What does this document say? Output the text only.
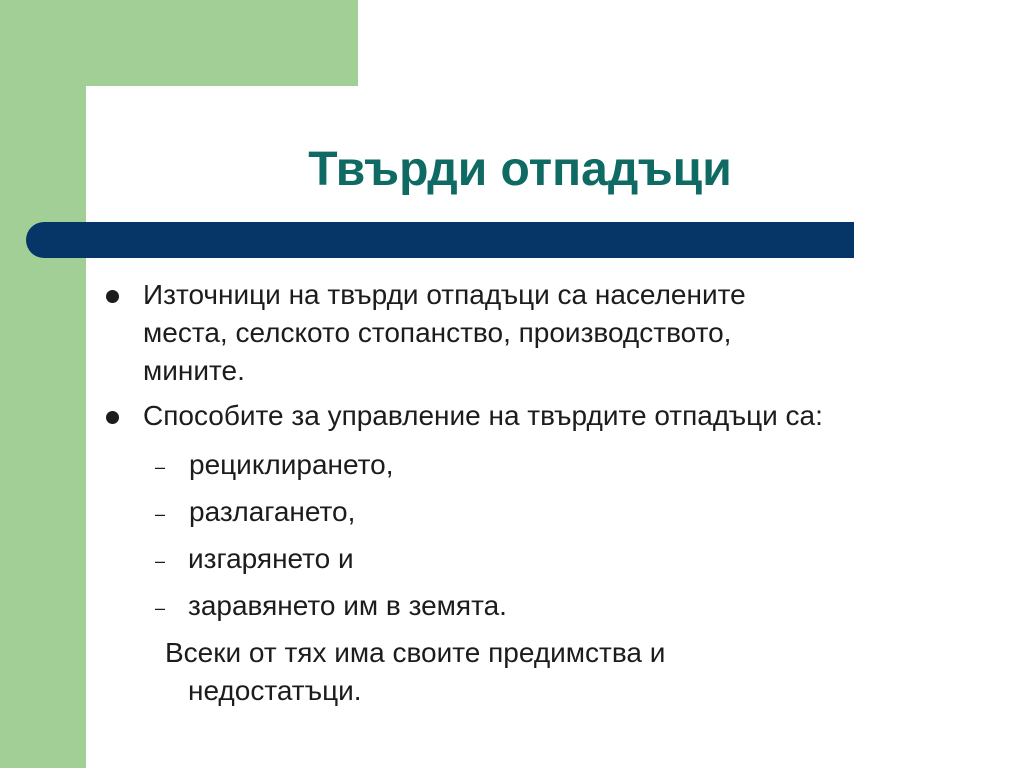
Твърди отпадъци
Източници на твърди отпадъци са населените
места, селското стопанство, производството,
мините.
Способите за управление на твърдите отпадъци са:
– рециклирането,
– разлагането,
– изгарянето и
– заравянето им в земята.
Всеки от тях има своите предимства и
недостатъци.
